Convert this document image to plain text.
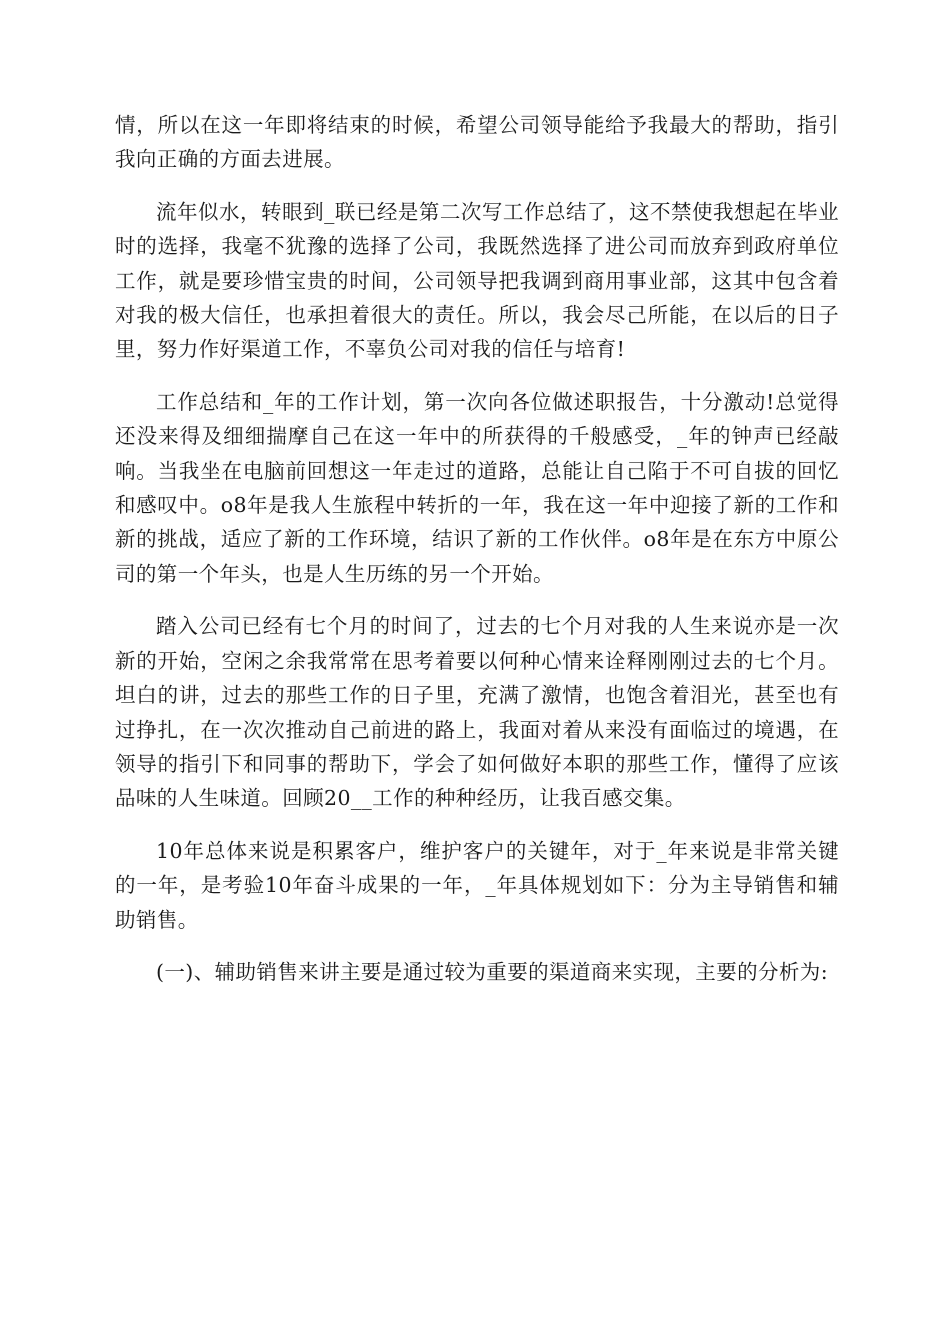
情，所以在这一年即将结束的时候，希望公司领导能给予我最大的帮助，指引我向正确的方面去进展。

流年似水，转眼到_联已经是第二次写工作总结了，这不禁使我想起在毕业时的选择，我毫不犹豫的选择了公司，我既然选择了进公司而放弃到政府单位工作，就是要珍惜宝贵的时间，公司领导把我调到商用事业部，这其中包含着对我的极大信任，也承担着很大的责任。所以，我会尽己所能，在以后的日子里，努力作好渠道工作，不辜负公司对我的信任与培育!

工作总结和_年的工作计划，第一次向各位做述职报告，十分激动!总觉得还没来得及细细揣摩自己在这一年中的所获得的千般感受，_年的钟声已经敲响。当我坐在电脑前回想这一年走过的道路，总能让自己陷于不可自拔的回忆和感叹中。o8年是我人生旅程中转折的一年，我在这一年中迎接了新的工作和新的挑战，适应了新的工作环境，结识了新的工作伙伴。o8年是在东方中原公司的第一个年头，也是人生历练的另一个开始。

踏入公司已经有七个月的时间了，过去的七个月对我的人生来说亦是一次新的开始，空闲之余我常常在思考着要以何种心情来诠释刚刚过去的七个月。坦白的讲，过去的那些工作的日子里，充满了激情，也饱含着泪光，甚至也有过挣扎，在一次次推动自己前进的路上，我面对着从来没有面临过的境遇，在领导的指引下和同事的帮助下，学会了如何做好本职的那些工作，懂得了应该品味的人生味道。回顾20__工作的种种经历，让我百感交集。

10年总体来说是积累客户，维护客户的关键年，对于_年来说是非常关键的一年，是考验10年奋斗成果的一年，_年具体规划如下：分为主导销售和辅助销售。

(一)、辅助销售来讲主要是通过较为重要的渠道商来实现，主要的分析为:
